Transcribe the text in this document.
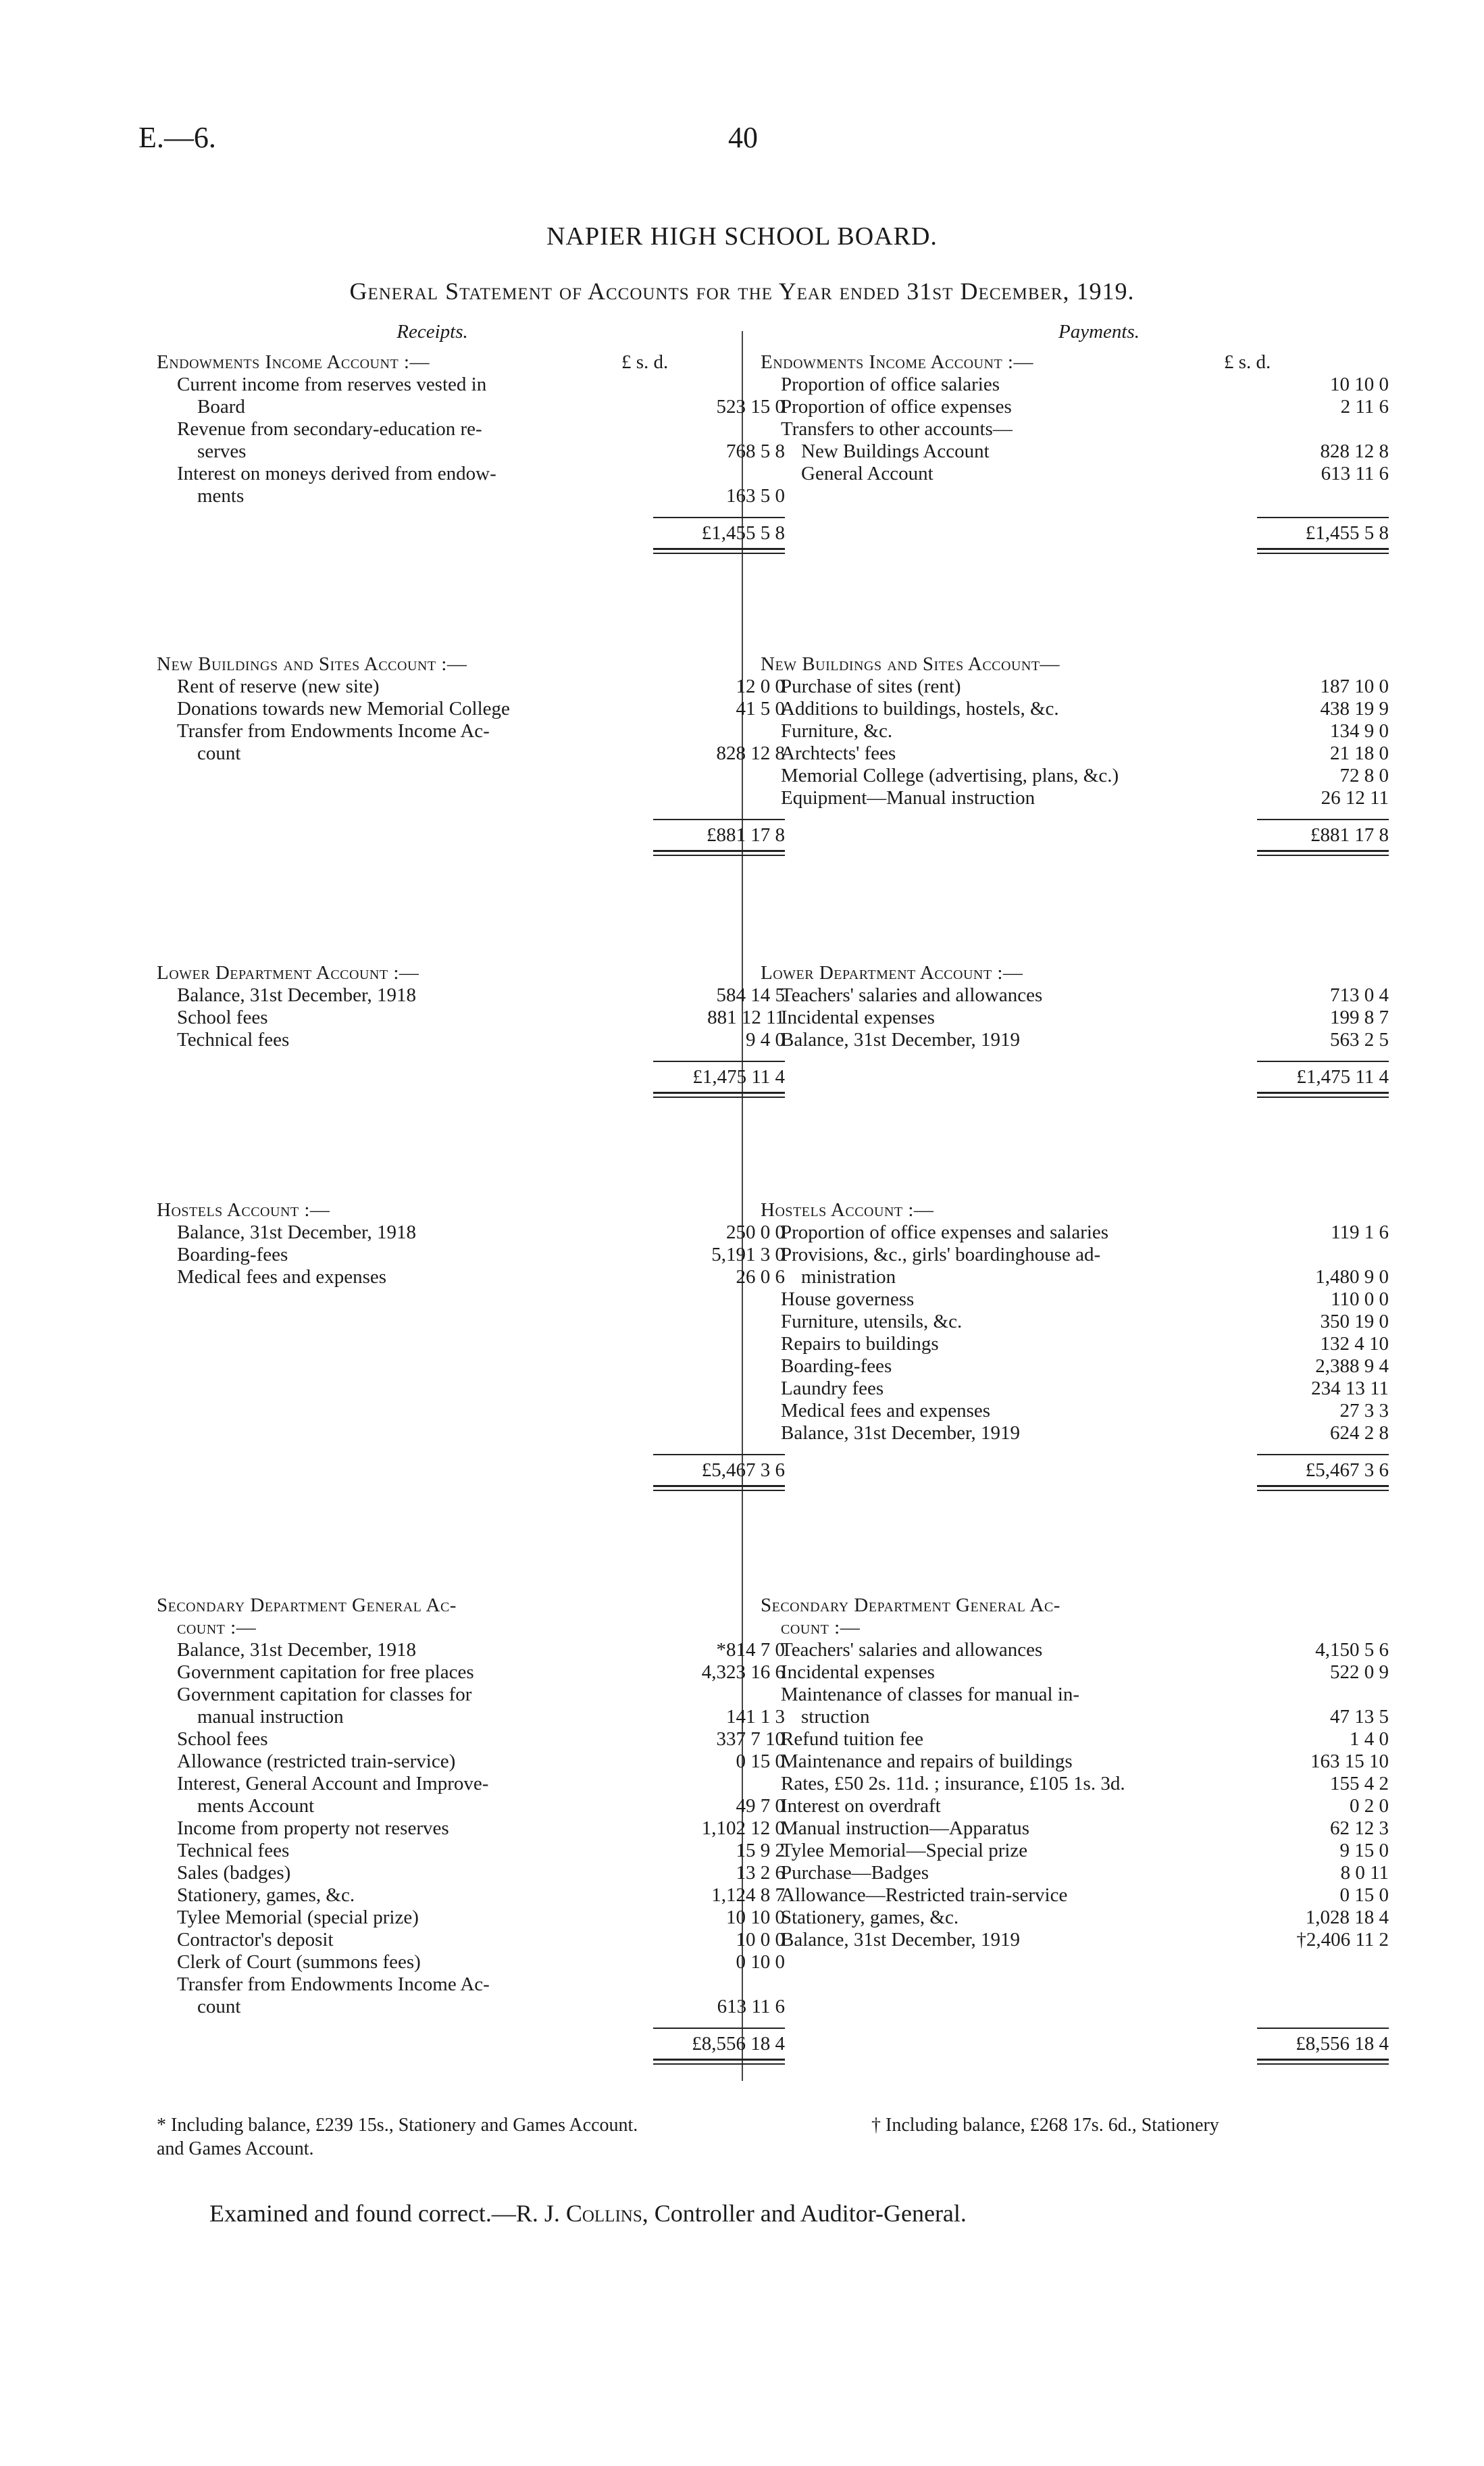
E.—6.	40
NAPIER HIGH SCHOOL BOARD.
General Statement of Accounts for the Year ended 31st December, 1919.
Receipts.	Payments.
£ s. d.	£ s. d.
Endowments Income Account :—
Current income from reserves vested in
Board	523 15 0
Revenue from secondary-education re-
serves	768 5 8
Interest on moneys derived from endow-
ments	163 5 0
£1,455 5 8
New Buildings and Sites Account :—
Rent of reserve (new site)	12 0 0
Donations towards new Memorial College	41 5 0
Transfer from Endowments Income Ac-
count	828 12 8
£881 17 8
Lower Department Account :—
Balance, 31st December, 1918	584 14 5
School fees	881 12 11
Technical fees	9 4 0
£1,475 11 4
Hostels Account :—
Balance, 31st December, 1918	250 0 0
Boarding-fees	5,191 3 0
Medical fees and expenses	26 0 6
£5,467 3 6
Secondary Department General Ac-
count :—
Balance, 31st December, 1918	*814 7 0
Government capitation for free places	4,323 16 6
Government capitation for classes for
manual instruction	141 1 3
School fees	337 7 10
Allowance (restricted train-service)	0 15 0
Interest, General Account and Improve-
ments Account	49 7 0
Income from property not reserves	1,102 12 0
Technical fees	15 9 2
Sales (badges)	13 2 6
Stationery, games, &c.	1,124 8 7
Tylee Memorial (special prize)	10 10 0
Contractor's deposit	10 0 0
Clerk of Court (summons fees)	0 10 0
Transfer from Endowments Income Ac-
count	613 11 6
£8,556 18 4
Endowments Income Account :—
Proportion of office salaries	10 10 0
Proportion of office expenses	2 11 6
Transfers to other accounts—
New Buildings Account	828 12 8
General Account	613 11 6
£1,455 5 8
New Buildings and Sites Account—
Purchase of sites (rent)	187 10 0
Additions to buildings, hostels, &c.	438 19 9
Furniture, &c.	134 9 0
Archtects' fees	21 18 0
Memorial College (advertising, plans, &c.)	72 8 0
Equipment—Manual instruction	26 12 11
£881 17 8
Lower Department Account :—
Teachers' salaries and allowances	713 0 4
Incidental expenses	199 8 7
Balance, 31st December, 1919	563 2 5
£1,475 11 4
Hostels Account :—
Proportion of office expenses and salaries	119 1 6
Provisions, &c., girls' boardinghouse ad-
ministration	1,480 9 0
House governess	110 0 0
Furniture, utensils, &c.	350 19 0
Repairs to buildings	132 4 10
Boarding-fees	2,388 9 4
Laundry fees	234 13 11
Medical fees and expenses	27 3 3
Balance, 31st December, 1919	624 2 8
£5,467 3 6
Secondary Department General Ac-
count :—
Teachers' salaries and allowances	4,150 5 6
Incidental expenses	522 0 9
Maintenance of classes for manual in-
struction	47 13 5
Refund tuition fee	1 4 0
Maintenance and repairs of buildings	163 15 10
Rates, £50 2s. 11d. ; insurance, £105 1s. 3d.	155 4 2
Interest on overdraft	0 2 0
Manual instruction—Apparatus	62 12 3
Tylee Memorial—Special prize	9 15 0
Purchase—Badges	8 0 11
Allowance—Restricted train-service	0 15 0
Stationery, games, &c.	1,028 18 4
Balance, 31st December, 1919	†2,406 11 2
£8,556 18 4
* Including balance, £239 15s., Stationery and Games Account.	† Including balance, £268 17s. 6d., Stationery
and Games Account.
Examined and found correct.—R. J. Collins, Controller and Auditor-General.
